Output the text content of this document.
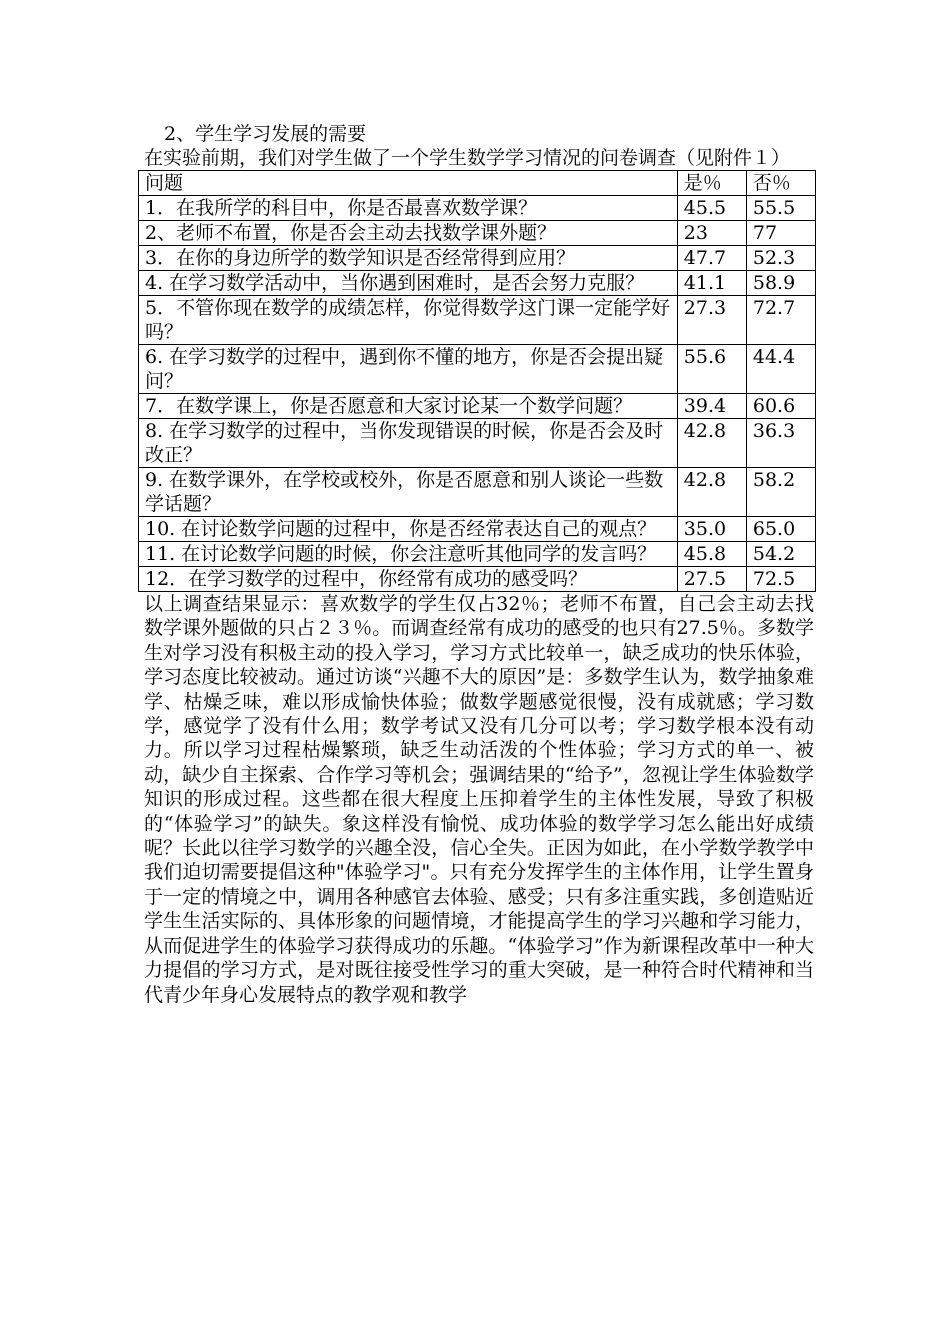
2、学生学习发展的需要

在实验前期，我们对学生做了一个学生数学学习情况的问卷调查（见附件１）

问题	是％	否％
1．在我所学的科目中，你是否最喜欢数学课？	45.5	55.5
2、老师不布置，你是否会主动去找数学课外题？	23	77
3．在你的身边所学的数学知识是否经常得到应用？	47.7	52.3
4. 在学习数学活动中，当你遇到困难时，是否会努力克服？	41.1	58.9
5．不管你现在数学的成绩怎样，你觉得数学这门课一定能学好吗？	27.3	72.7
6. 在学习数学的过程中，遇到你不懂的地方，你是否会提出疑问？	55.6	44.4
7．在数学课上，你是否愿意和大家讨论某一个数学问题？	39.4	60.6
8. 在学习数学的过程中，当你发现错误的时候，你是否会及时改正？	42.8	36.3
9. 在数学课外，在学校或校外，你是否愿意和别人谈论一些数学话题？	42.8	58.2
10. 在讨论数学问题的过程中，你是否经常表达自己的观点？	35.0	65.0
11. 在讨论数学问题的时候，你会注意听其他同学的发言吗？	45.8	54.2
12．在学习数学的过程中，你经常有成功的感受吗？	27.5	72.5

以上调查结果显示：喜欢数学的学生仅占32％；老师不布置，自己会主动去找数学课外题做的只占２３％。而调查经常有成功的感受的也只有27.5％。多数学生对学习没有积极主动的投入学习，学习方式比较单一，缺乏成功的快乐体验，学习态度比较被动。通过访谈“兴趣不大的原因”是：多数学生认为，数学抽象难学、枯燥乏味，难以形成愉快体验；做数学题感觉很慢，没有成就感；学习数学，感觉学了没有什么用；数学考试又没有几分可以考；学习数学根本没有动力。所以学习过程枯燥繁琐，缺乏生动活泼的个性体验；学习方式的单一、被动，缺少自主探索、合作学习等机会；强调结果的“给予”，忽视让学生体验数学知识的形成过程。这些都在很大程度上压抑着学生的主体性发展，导致了积极的“体验学习”的缺失。象这样没有愉悦、成功体验的数学学习怎么能出好成绩呢？长此以往学习数学的兴趣全没，信心全失。正因为如此，在小学数学教学中我们迫切需要提倡这种"体验学习"。只有充分发挥学生的主体作用，让学生置身于一定的情境之中，调用各种感官去体验、感受；只有多注重实践，多创造贴近学生生活实际的、具体形象的问题情境，才能提高学生的学习兴趣和学习能力，从而促进学生的体验学习获得成功的乐趣。“体验学习”作为新课程改革中一种大力提倡的学习方式，是对既往接受性学习的重大突破，是一种符合时代精神和当代青少年身心发展特点的教学观和教学
